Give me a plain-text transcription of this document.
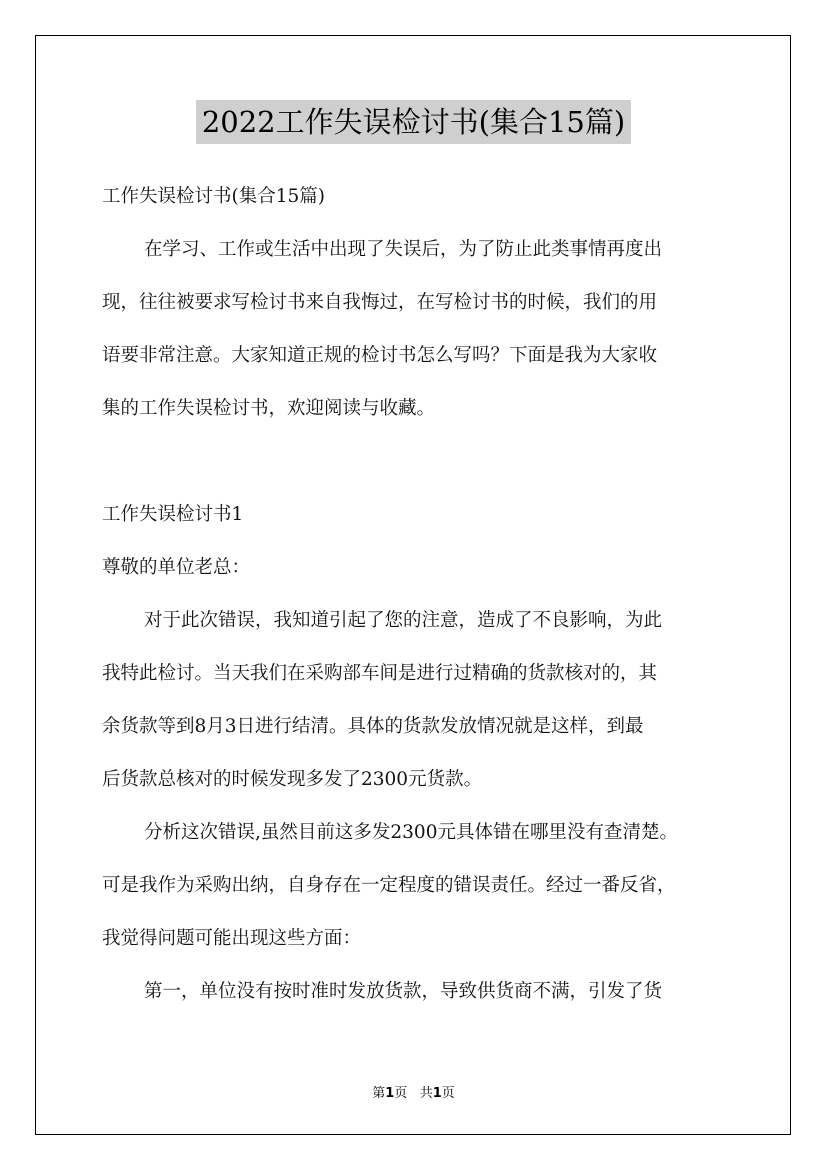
2022工作失误检讨书(集合15篇)

工作失误检讨书(集合15篇)

在学习、工作或生活中出现了失误后，为了防止此类事情再度出

现，往往被要求写检讨书来自我悔过，在写检讨书的时候，我们的用

语要非常注意。大家知道正规的检讨书怎么写吗？下面是我为大家收

集的工作失误检讨书，欢迎阅读与收藏。

工作失误检讨书1

尊敬的单位老总：

对于此次错误，我知道引起了您的注意，造成了不良影响，为此

我特此检讨。当天我们在采购部车间是进行过精确的货款核对的，其

余货款等到8月3日进行结清。具体的货款发放情况就是这样，到最

后货款总核对的时候发现多发了2300元货款。

分析这次错误,虽然目前这多发2300元具体错在哪里没有查清楚。

可是我作为采购出纳，自身存在一定程度的错误责任。经过一番反省，

我觉得问题可能出现这些方面：

第一，单位没有按时准时发放货款，导致供货商不满，引发了货

第1页 共1页
